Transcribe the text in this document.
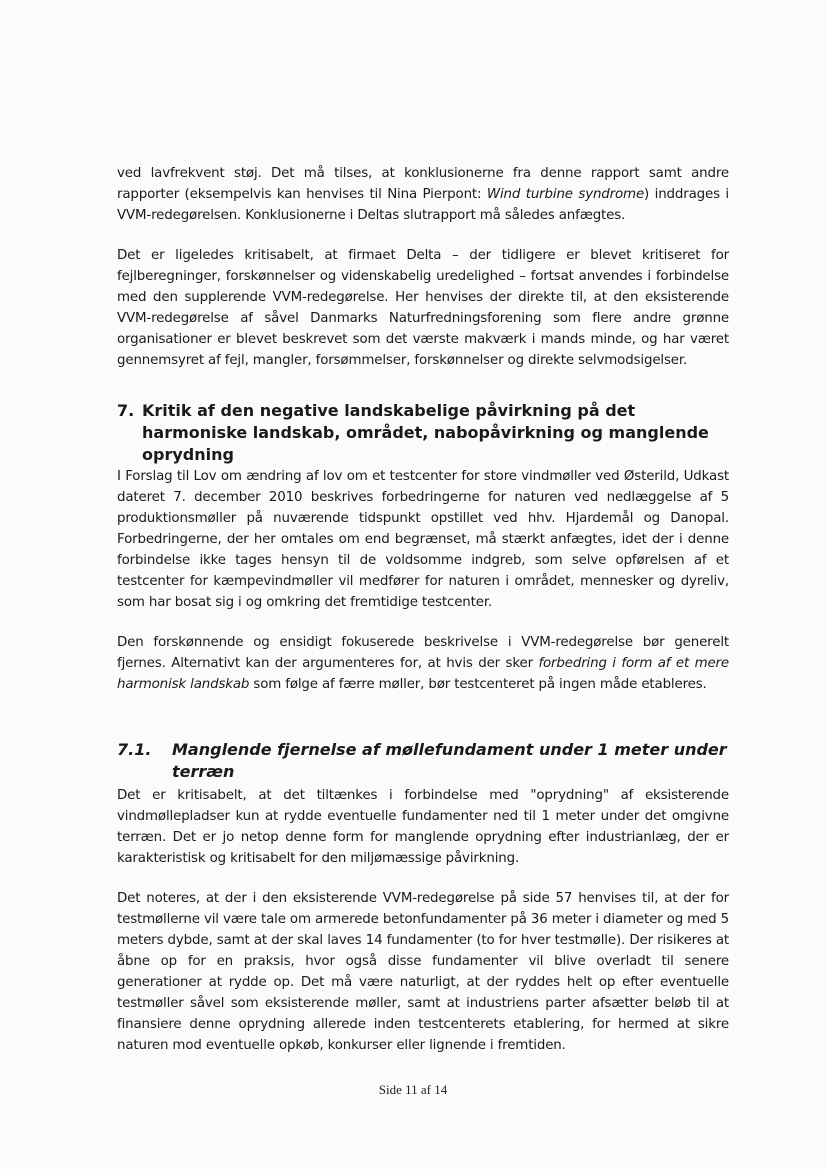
ved lavfrekvent støj. Det må tilses, at konklusionerne fra denne rapport samt andre rapporter (eksempelvis kan henvises til Nina Pierpont: Wind turbine syndrome) inddrages i VVM-redegørelsen. Konklusionerne i Deltas slutrapport må således anfægtes.

Det er ligeledes kritisabelt, at firmaet Delta – der tidligere er blevet kritiseret for fejlberegninger, forskønnelser og videnskabelig uredelighed – fortsat anvendes i forbindelse med den supplerende VVM-redegørelse. Her henvises der direkte til, at den eksisterende VVM-redegørelse af såvel Danmarks Naturfredningsforening som flere andre grønne organisationer er blevet beskrevet som det værste makværk i mands minde, og har været gennemsyret af fejl, mangler, forsømmelser, forskønnelser og direkte selvmodsigelser.

7. Kritik af den negative landskabelige påvirkning på det harmoniske landskab, området, nabopåvirkning og manglende oprydning

I Forslag til Lov om ændring af lov om et testcenter for store vindmøller ved Østerild, Udkast dateret 7. december 2010 beskrives forbedringerne for naturen ved nedlæggelse af 5 produktionsmøller på nuværende tidspunkt opstillet ved hhv. Hjardemål og Danopal. Forbedringerne, der her omtales om end begrænset, må stærkt anfægtes, idet der i denne forbindelse ikke tages hensyn til de voldsomme indgreb, som selve opførelsen af et testcenter for kæmpevindmøller vil medfører for naturen i området, mennesker og dyreliv, som har bosat sig i og omkring det fremtidige testcenter.

Den forskønnende og ensidigt fokuserede beskrivelse i VVM-redegørelse bør generelt fjernes. Alternativt kan der argumenteres for, at hvis der sker forbedring i form af et mere harmonisk landskab som følge af færre møller, bør testcenteret på ingen måde etableres.

7.1.	Manglende fjernelse af møllefundament under 1 meter under terræn

Det er kritisabelt, at det tiltænkes i forbindelse med "oprydning" af eksisterende vindmøllepladser kun at rydde eventuelle fundamenter ned til 1 meter under det omgivne terræn. Det er jo netop denne form for manglende oprydning efter industrianlæg, der er karakteristisk og kritisabelt for den miljømæssige påvirkning.

Det noteres, at der i den eksisterende VVM-redegørelse på side 57 henvises til, at der for testmøllerne vil være tale om armerede betonfundamenter på 36 meter i diameter og med 5 meters dybde, samt at der skal laves 14 fundamenter (to for hver testmølle). Der risikeres at åbne op for en praksis, hvor også disse fundamenter vil blive overladt til senere generationer at rydde op. Det må være naturligt, at der ryddes helt op efter eventuelle testmøller såvel som eksisterende møller, samt at industriens parter afsætter beløb til at finansiere denne oprydning allerede inden testcenterets etablering, for hermed at sikre naturen mod eventuelle opkøb, konkurser eller lignende i fremtiden.

Side 11 af 14
